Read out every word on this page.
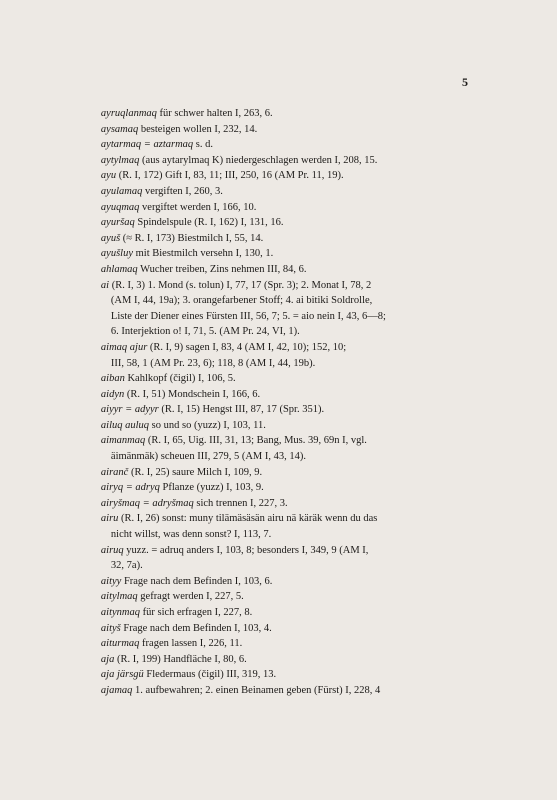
5
ayruqlanmaq für schwer halten I, 263, 6.
aysamaq besteigen wollen I, 232, 14.
aytarmaq = aztarmaq s. d.
aytylmaq (aus aytarylmaq K) niedergeschlagen werden I, 208, 15.
ayu (R. I, 172) Gift I, 83, 11; III, 250, 16 (AM Pr. 11, 19).
ayulamaq vergiften I, 260, 3.
ayuqmaq vergiftet werden I, 166, 10.
ayuršaq Spindelspule (R. I, 162) I, 131, 16.
ayuš (≈ R. I, 173) Biestmilch I, 55, 14.
ayušluy mit Biestmilch versehn I, 130, 1.
ahlamaq Wucher treiben, Zins nehmen III, 84, 6.
ai (R. I, 3) 1. Mond (s. tolun) I, 77, 17 (Spr. 3); 2. Monat I, 78, 2
(AM I, 44, 19a); 3. orangefarbener Stoff; 4. ai bitiki Soldrolle,
Liste der Diener eines Fürsten III, 56, 7; 5. = aio nein I, 43, 6—8;
6. Interjektion o! I, 71, 5. (AM Pr. 24, VI, 1).
aimaq ajur (R. I, 9) sagen I, 83, 4 (AM I, 42, 10); 152, 10;
III, 58, 1 (AM Pr. 23, 6); 118, 8 (AM I, 44, 19b).
aiban Kahlkopf (čigil) I, 106, 5.
aidyn (R. I, 51) Mondschein I, 166, 6.
aiyyr = adyyr (R. I, 15) Hengst III, 87, 17 (Spr. 351).
ailuq auluq so und so (yuzz) I, 103, 11.
aimanmaq (R. I, 65, Uig. III, 31, 13; Bang, Mus. 39, 69n I, vgl.
äimänmäk) scheuen III, 279, 5 (AM I, 43, 14).
airanč (R. I, 25) saure Milch I, 109, 9.
airyq = adryq Pflanze (yuzz) I, 103, 9.
airyšmaq = adryšmaq sich trennen I, 227, 3.
airu (R. I, 26) sonst: muny tilämäsäsän airu nä käräk wenn du das
nicht willst, was denn sonst? I, 113, 7.
airuq yuzz. = adruq anders I, 103, 8; besonders I, 349, 9 (AM I,
32, 7a).
aityy Frage nach dem Befinden I, 103, 6.
aitylmaq gefragt werden I, 227, 5.
aitynmaq für sich erfragen I, 227, 8.
aityš Frage nach dem Befinden I, 103, 4.
aiturmaq fragen lassen I, 226, 11.
aja (R. I, 199) Handfläche I, 80, 6.
aja järsgü Fledermaus (čigil) III, 319, 13.
ajamaq 1. aufbewahren; 2. einen Beinamen geben (Fürst) I, 228, 4
